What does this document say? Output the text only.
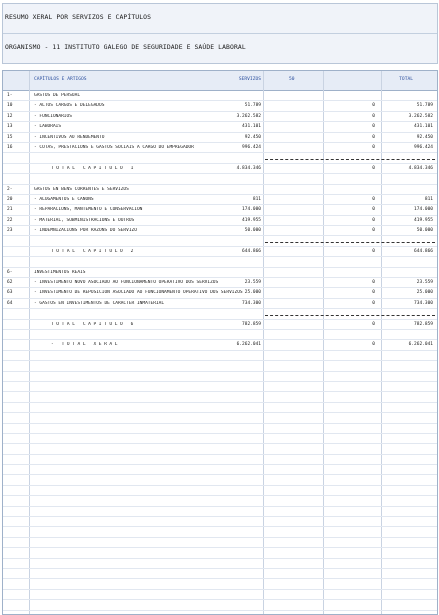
RESUMO XERAL POR SERVIZOS E CAPÍTULOS
ORGANISMO - 11 INSTITUTO GALEGO DE SEGURIDADE E SAÚDE LABORAL
CAPÍTULOS E ARTIGOS	SERVIZOS	50	TOTAL
1-	GASTOS DE PERSOAL
10	- ALTOS CARGOS E DELEGADOS	51.789	0	51.789
12	- FUNCIONARIOS	3.262.582	0	3.262.582
13	- LABORAIS	431.101	0	431.101
15	- INCENTIVOS AO RENDEMENTO	92.450	0	92.450
16	- COTAS, PRESTACIÓNS E GASTOS SOCIAIS A CARGO DO EMPREGADOR	996.424	0	996.424
TOTAL CAPÍTULO 1	4.834.346	0	4.834.346
2-	GASTOS EN BENS CORRENTES E SERVIZOS
20	- ALUGAMENTOS E CANONS	811	0	811
21	- REPARACIÓNS, MANTEMENTO E CONSERVACIÓN	174.000	0	174.000
22	- MATERIAL, SUBMINISTRACIÓNS E OUTROS	419.955	0	419.955
23	- INDEMNIZACIÓNS POR RAZÓNS DO SERVIZO	50.000	0	50.000
TOTAL CAPÍTULO 2	644.866	0	644.866
6-	INVESTIMENTOS REAIS
62	- INVESTIMENTO NOVO ASOCIADO AO FUNCIONAMENTO OPERATIVO DOS SERVIZOS	23.559	0	23.559
63	- INVESTIMENTO DE REPOSICIÓN ASOCIADO AO FUNCIONAMENTO OPERATIVO DOS SERVIZOS 25.000	0	25.000
64	- GASTOS EN INVESTIMENTOS DE CARÁCTER INMATERIAL	734.300	0	734.300
TOTAL CAPÍTULO 6	782.859	0	782.859
- TOTAL XERAL	6.262.041	0	6.262.041
